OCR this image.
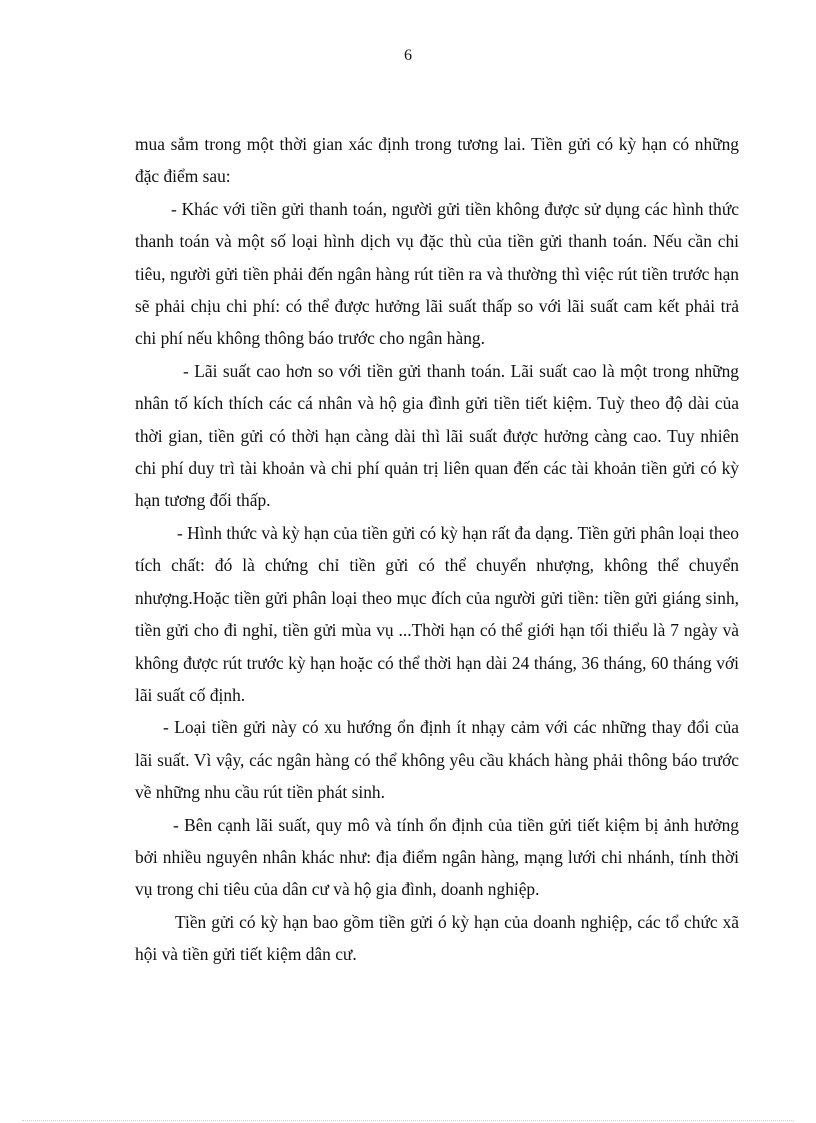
6

mua sắm trong một thời gian xác định trong tương lai. Tiền gửi có kỳ hạn có những đặc điểm sau:

- Khác với tiền gửi thanh toán, người gửi tiền không được sử dụng các hình thức thanh toán và một số loại hình dịch vụ đặc thù của tiền gửi thanh toán. Nếu cần chi tiêu, người gửi tiền phải đến ngân hàng rút tiền ra và thường thì việc rút tiền trước hạn sẽ phải chịu chi phí: có thể được hưởng lãi suất thấp so với lãi suất cam kết phải trả chi phí nếu không thông báo trước cho ngân hàng.

- Lãi suất cao hơn so với tiền gửi thanh toán. Lãi suất cao là một trong những nhân tố kích thích các cá nhân và hộ gia đình gửi tiền tiết kiệm. Tuỳ theo độ dài của thời gian, tiền gửi có thời hạn càng dài thì lãi suất được hưởng càng cao. Tuy nhiên chi phí duy trì tài khoản và chi phí quản trị liên quan đến các tài khoản tiền gửi có kỳ hạn tương đối thấp.

- Hình thức và kỳ hạn của tiền gửi có kỳ hạn rất đa dạng. Tiền gửi phân loại theo tích chất: đó là chứng chỉ tiền gửi có thể chuyển nhượng, không thể chuyển nhượng.Hoặc tiền gửi phân loại theo mục đích của người gửi tiền: tiền gửi giáng sinh, tiền gửi cho đi nghỉ, tiền gửi mùa vụ ...Thời hạn có thể giới hạn tối thiểu là 7 ngày và không được rút trước kỳ hạn hoặc có thể thời hạn dài 24 tháng, 36 tháng, 60 tháng với lãi suất cố định.

- Loại tiền gửi này có xu hướng ổn định ít nhạy cảm với các những thay đổi của lãi suất. Vì vậy, các ngân hàng có thể không yêu cầu khách hàng phải thông báo trước về những nhu cầu rút tiền phát sinh.

- Bên cạnh lãi suất, quy mô và tính ổn định của tiền gửi tiết kiệm bị ảnh hưởng bởi nhiều nguyên nhân khác như: địa điểm ngân hàng, mạng lưới chi nhánh, tính thời vụ trong chi tiêu của dân cư và hộ gia đình, doanh nghiệp.

Tiền gửi có kỳ hạn bao gồm tiền gửi ó kỳ hạn của doanh nghiệp, các tổ chức xã hội và tiền gửi tiết kiệm dân cư.
